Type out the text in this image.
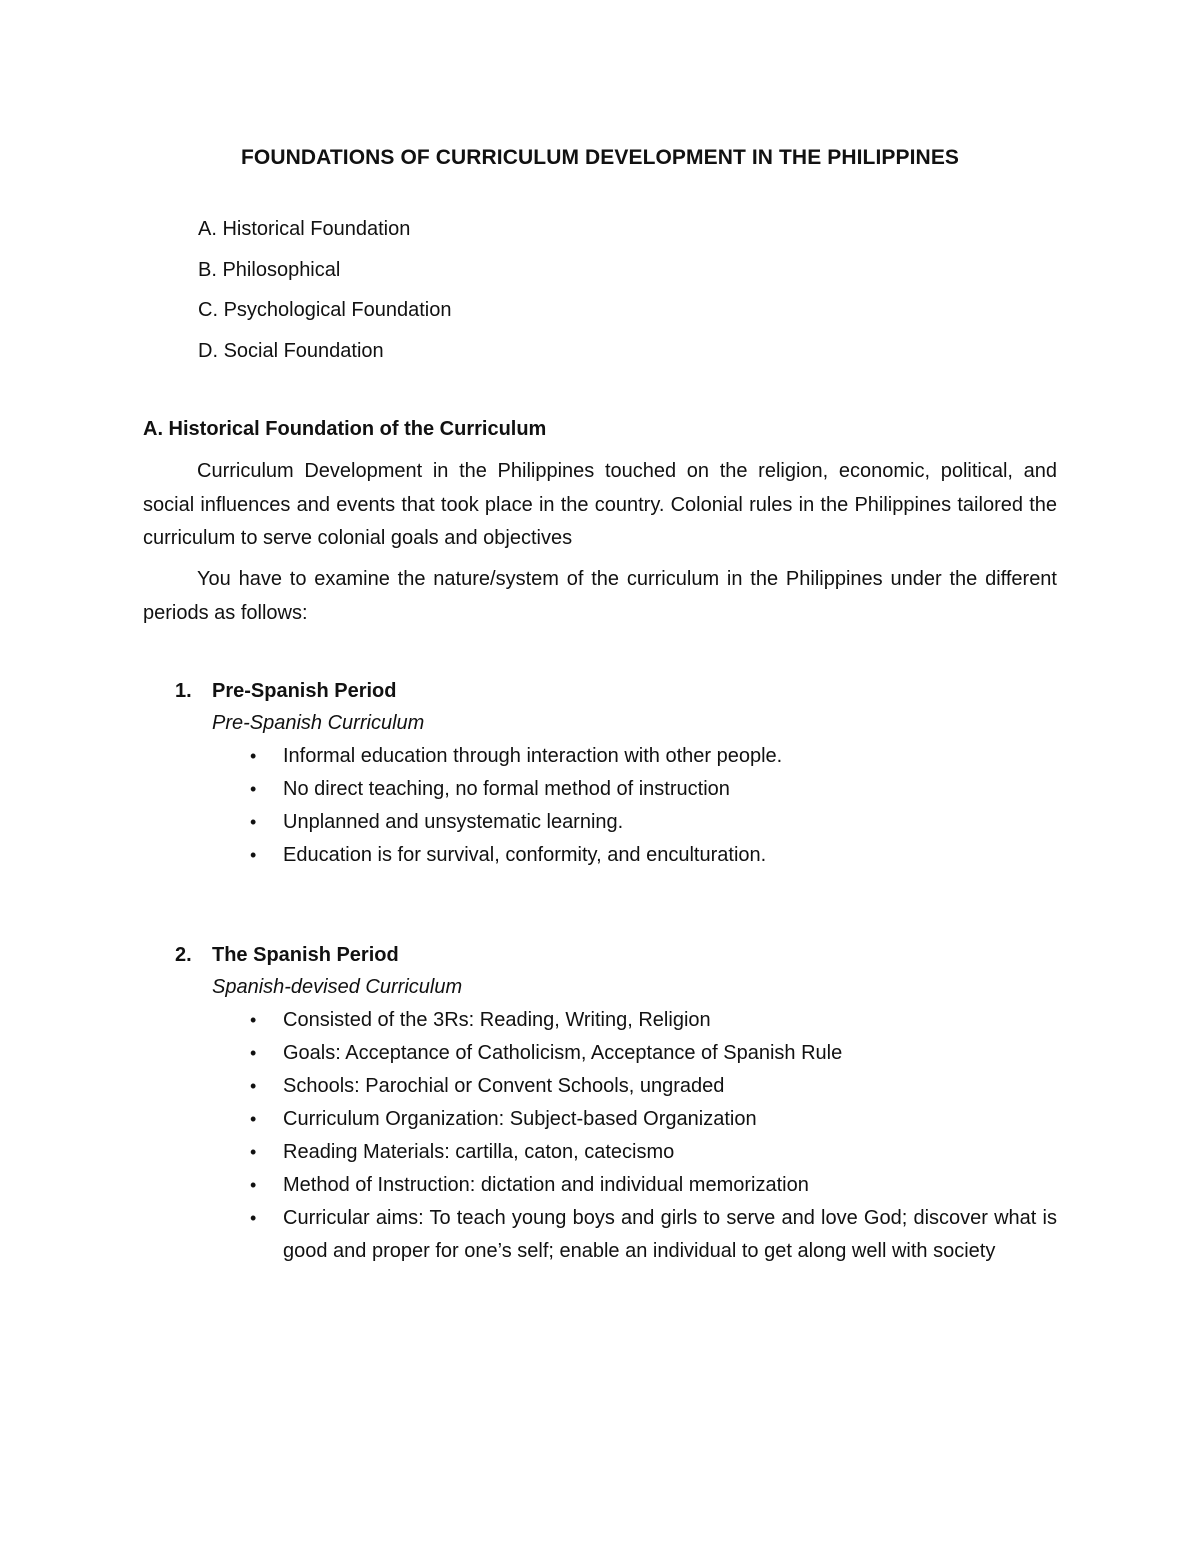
FOUNDATIONS OF CURRICULUM DEVELOPMENT IN THE PHILIPPINES
A. Historical Foundation
B. Philosophical
C. Psychological Foundation
D. Social Foundation
A. Historical Foundation of the Curriculum

Curriculum Development in the Philippines touched on the religion, economic, political, and social influences and events that took place in the country. Colonial rules in the Philippines tailored the curriculum to serve colonial goals and objectives

You have to examine the nature/system of the curriculum in the Philippines under the different periods as follows:

1. Pre-Spanish Period
Pre-Spanish Curriculum
• Informal education through interaction with other people.
• No direct teaching, no formal method of instruction
• Unplanned and unsystematic learning.
• Education is for survival, conformity, and enculturation.
2. The Spanish Period
Spanish-devised Curriculum
• Consisted of the 3Rs: Reading, Writing, Religion
• Goals: Acceptance of Catholicism, Acceptance of Spanish Rule
• Schools: Parochial or Convent Schools, ungraded
• Curriculum Organization: Subject-based Organization
• Reading Materials: cartilla, caton, catecismo
• Method of Instruction: dictation and individual memorization
• Curricular aims: To teach young boys and girls to serve and love God; discover what is good and proper for one’s self; enable an individual to get along well with society
